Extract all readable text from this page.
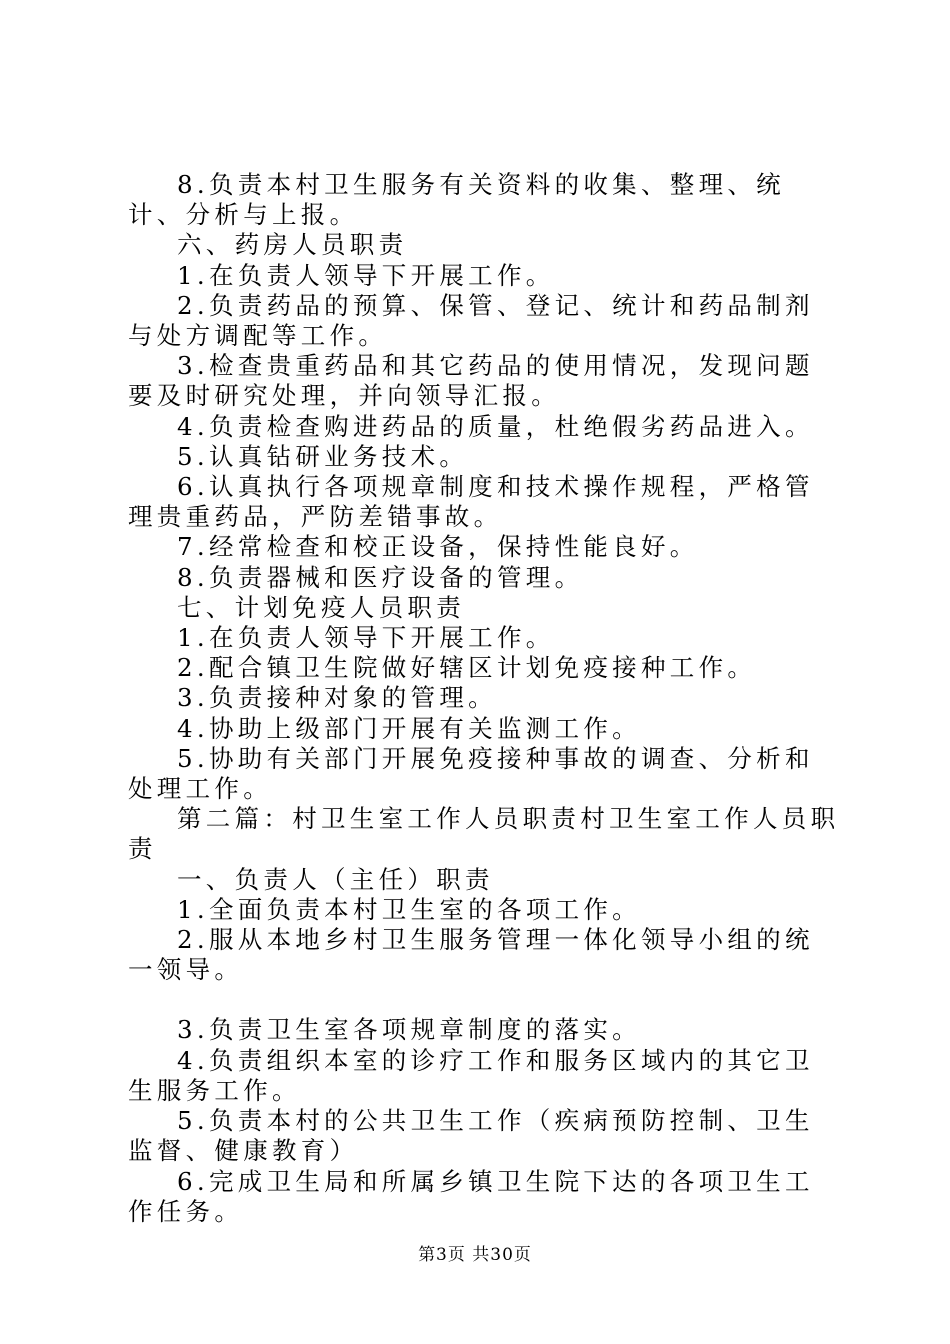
8.负责本村卫生服务有关资料的收集、整理、统计、分析与上报。

六、药房人员职责

1.在负责人领导下开展工作。

2.负责药品的预算、保管、登记、统计和药品制剂与处方调配等工作。

3.检查贵重药品和其它药品的使用情况，发现问题要及时研究处理，并向领导汇报。

4.负责检查购进药品的质量，杜绝假劣药品进入。

5.认真钻研业务技术。

6.认真执行各项规章制度和技术操作规程，严格管理贵重药品，严防差错事故。

7.经常检查和校正设备，保持性能良好。

8.负责器械和医疗设备的管理。

七、计划免疫人员职责

1.在负责人领导下开展工作。

2.配合镇卫生院做好辖区计划免疫接种工作。

3.负责接种对象的管理。

4.协助上级部门开展有关监测工作。

5.协助有关部门开展免疫接种事故的调查、分析和处理工作。

第二篇：村卫生室工作人员职责村卫生室工作人员职责

一、负责人（主任）职责

1.全面负责本村卫生室的各项工作。

2.服从本地乡村卫生服务管理一体化领导小组的统一领导。

3.负责卫生室各项规章制度的落实。

4.负责组织本室的诊疗工作和服务区域内的其它卫生服务工作。

5.负责本村的公共卫生工作（疾病预防控制、卫生监督、健康教育）

6.完成卫生局和所属乡镇卫生院下达的各项卫生工作任务。

第3页 共30页
